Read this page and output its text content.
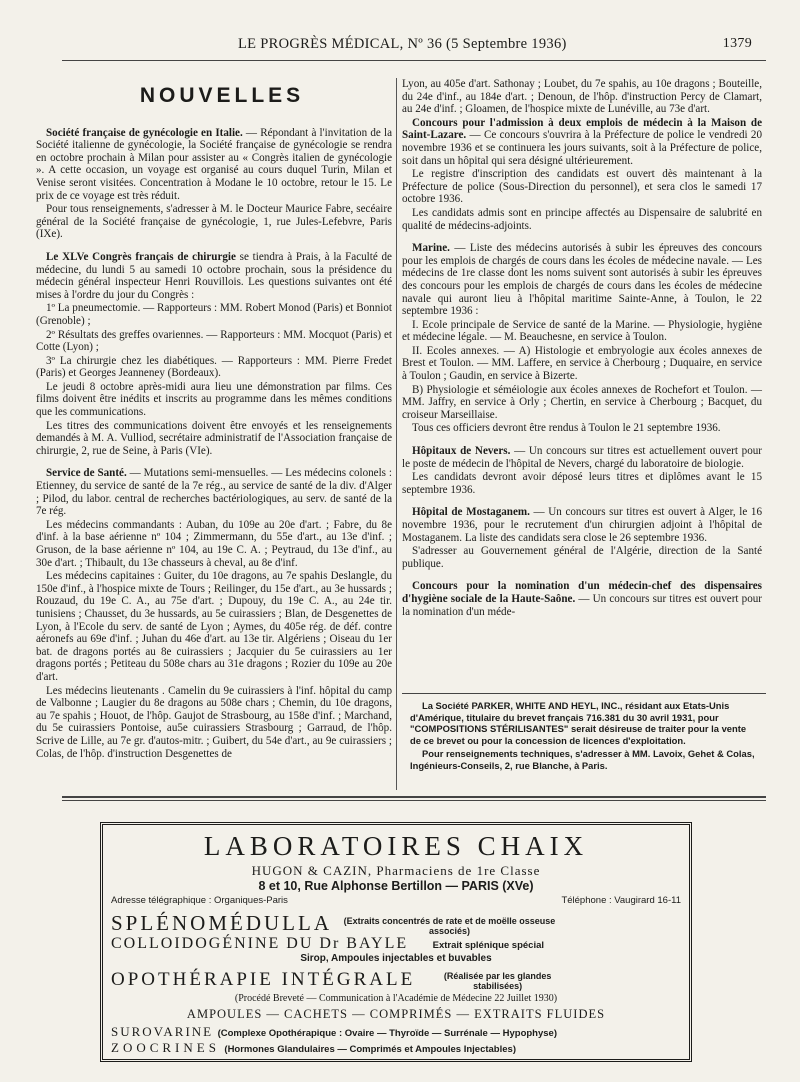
LE PROGRÈS MÉDICAL, Nº 36 (5 Septembre 1936)	1379
NOUVELLES

Société française de gynécologie en Italie. — Répondant à l'invitation de la Société italienne de gynécologie, la Société française de gynécologie se rendra en octobre prochain à Milan pour assister au « Congrès italien de gynécologie ». A cette occasion, un voyage est organisé au cours duquel Turin, Milan et Venise seront visitées. Concentration à Modane le 10 octobre, retour le 15. Le prix de ce voyage est très réduit.

Pour tous renseignements, s'adresser à M. le Docteur Maurice Fabre, secéaire général de la Société française de gynécologie, 1, rue Jules-Lefebvre, Paris (IXe).

Le XLVe Congrès français de chirurgie se tiendra à Prais, à la Faculté de médecine, du lundi 5 au samedi 10 octobre prochain, sous la présidence du médecin général inspecteur Henri Rouvillois. Les questions suivantes ont été mises à l'ordre du jour du Congrès :

1º La pneumectomie. — Rapporteurs : MM. Robert Monod (Paris) et Bonniot (Grenoble) ;

2º Résultats des greffes ovariennes. — Rapporteurs : MM. Mocquot (Paris) et Cotte (Lyon) ;

3º La chirurgie chez les diabétiques. — Rapporteurs : MM. Pierre Fredet (Paris) et Georges Jeanneney (Bordeaux).

Le jeudi 8 octobre après-midi aura lieu une démonstration par films. Ces films doivent être inédits et inscrits au programme dans les mêmes conditions que les communications.

Les titres des communications doivent être envoyés et les renseignements demandés à M. A. Vulliod, secrétaire administratif de l'Association française de chirurgie, 2, rue de Seine, à Paris (VIe).

Service de Santé. — Mutations semi-mensuelles. — Les médecins colonels : Etienney, du service de santé de la 7e rég., au service de santé de la div. d'Alger ; Pilod, du labor. central de recherches bactériologiques, au serv. de santé de la 7e rég.

Les médecins commandants : Auban, du 109e au 20e d'art. ; Fabre, du 8e d'inf. à la base aérienne nº 104 ; Zimmermann, du 55e d'art., au 13e d'inf. ; Gruson, de la base aérienne nº 104, au 19e C. A. ; Peytraud, du 13e d'inf., au 30e d'art. ; Thibault, du 13e chasseurs à cheval, au 8e d'inf.

Les médecins capitaines : Guiter, du 10e dragons, au 7e spahis Deslangle, du 150e d'inf., à l'hospice mixte de Tours ; Reilinger, du 15e d'art., au 3e hussards ; Rouzaud, du 19e C. A., au 75e d'art. ; Dupouy, du 19e C. A., au 24e tir. tunisiens ; Chausset, du 3e hussards, au 5e cuirassiers ; Blan, de Desgenettes de Lyon, à l'Ecole du serv. de santé de Lyon ; Aymes, du 405e rég. de déf. contre aéronefs au 69e d'inf. ; Juhan du 46e d'art. au 13e tir. Algériens ; Oiseau du 1er bat. de dragons portés au 8e cuirassiers ; Jacquier du 5e cuirassiers au 1er dragons portés ; Petiteau du 508e chars au 31e dragons ; Rozier du 109e au 20e d'art.

Les médecins lieutenants . Camelin du 9e cuirassiers à l'inf. hôpital du camp de Valbonne ; Laugier du 8e dragons au 508e chars ; Chemin, du 10e dragons, au 7e spahis ; Houot, de l'hôp. Gaujot de Strasbourg, au 158e d'inf. ; Marchand, du 5e cuirassiers Pontoise, au5e cuirassiers Strasbourg ; Garraud, de l'hôp. Scrive de Lille, au 7e gr. d'autos-mitr. ; Guibert, du 54e d'art., au 9e cuirassiers ; Colas, de l'hôp. d'instruction Desgenettes de

Lyon, au 405e d'art. Sathonay ; Loubet, du 7e spahis, au 10e dragons ; Bouteille, du 24e d'inf., au 184e d'art. ; Denoun, de l'hôp. d'instruction Percy de Clamart, au 24e d'inf. ; Gloamen, de l'hospice mixte de Lunéville, au 73e d'art.

Concours pour l'admission à deux emplois de médecin à la Maison de Saint-Lazare. — Ce concours s'ouvrira à la Préfecture de police le vendredi 20 novembre 1936 et se continuera les jours suivants, soit à la Préfecture de police, soit dans un hôpital qui sera désigné ultérieurement.

Le registre d'inscription des candidats est ouvert dès maintenant à la Préfecture de police (Sous-Direction du personnel), et sera clos le samedi 17 octobre 1936.

Les candidats admis sont en principe affectés au Dispensaire de salubrité en qualité de médecins-adjoints.

Marine. — Liste des médecins autorisés à subir les épreuves des concours pour les emplois de chargés de cours dans les écoles de médecine navale. — Les médecins de 1re classe dont les noms suivent sont autorisés à subir les épreuves des concours pour les emplois de chargés de cours dans les écoles de médecine navale qui auront lieu à l'hôpital maritime Sainte-Anne, à Toulon, le 22 septembre 1936 :

I. Ecole principale de Service de santé de la Marine. — Physiologie, hygiène et médecine légale. — M. Beauchesne, en service à Toulon.

II. Ecoles annexes. — A) Histologie et embryologie aux écoles annexes de Brest et Toulon. — MM. Laffere, en service à Cherbourg ; Duquaire, en service à Toulon ; Gaudin, en service à Bizerte.

B) Physiologie et séméiologie aux écoles annexes de Rochefort et Toulon. — MM. Jaffry, en service à Orly ; Chertin, en service à Cherbourg ; Bacquet, du croiseur Marseillaise.

Tous ces officiers devront être rendus à Toulon le 21 septembre 1936.

Hôpitaux de Nevers. — Un concours sur titres est actuellement ouvert pour le poste de médecin de l'hôpital de Nevers, chargé du laboratoire de biologie.

Les candidats devront avoir déposé leurs titres et diplômes avant le 15 septembre 1936.

Hôpital de Mostaganem. — Un concours sur titres est ouvert à Alger, le 16 novembre 1936, pour le recrutement d'un chirurgien adjoint à l'hôpital de Mostaganem. La liste des candidats sera close le 26 septembre 1936.

S'adresser au Gouvernement général de l'Algérie, direction de la Santé publique.

Concours pour la nomination d'un médecin-chef des dispensaires d'hygiène sociale de la Haute-Saône. — Un concours sur titres est ouvert pour la nomination d'un méde-

La Société PARKER, WHITE AND HEYL, INC., résidant aux Etats-Unis d'Amérique, titulaire du brevet français 716.381 du 30 avril 1931, pour "COMPOSITIONS STÉRILISANTES" serait désireuse de traiter pour la vente de ce brevet ou pour la concession de licences d'exploitation.

Pour renseignements techniques, s'adresser à MM. Lavoix, Gehet & Colas, Ingénieurs-Conseils, 2, rue Blanche, à Paris.

LABORATOIRES CHAIX
HUGON & CAZIN, Pharmaciens de 1re Classe
8 et 10, Rue Alphonse Bertillon — PARIS (XVe)
Adresse télégraphique : Organiques-Paris	Téléphone : Vaugirard 16-11
SPLÉNOMÉDULLA (Extraits concentrés de rate et de moëlle osseuse associés)
COLLOIDOGÉNINE DU Dr BAYLE	Extrait splénique spécial
Sirop, Ampoules injectables et buvables
OPOTHÉRAPIE INTÉGRALE	(Réalisée par les glandes stabilisées)
(Procédé Breveté — Communication à l'Académie de Médecine 22 Juillet 1930)
AMPOULES — CACHETS — COMPRIMÉS — EXTRAITS FLUIDES
SUROVARINE (Complexe Opothérapique : Ovaire — Thyroïde — Surrénale — Hypophyse)
ZOOCRINES (Hormones Glandulaires — Comprimés et Ampoules Injectables)
